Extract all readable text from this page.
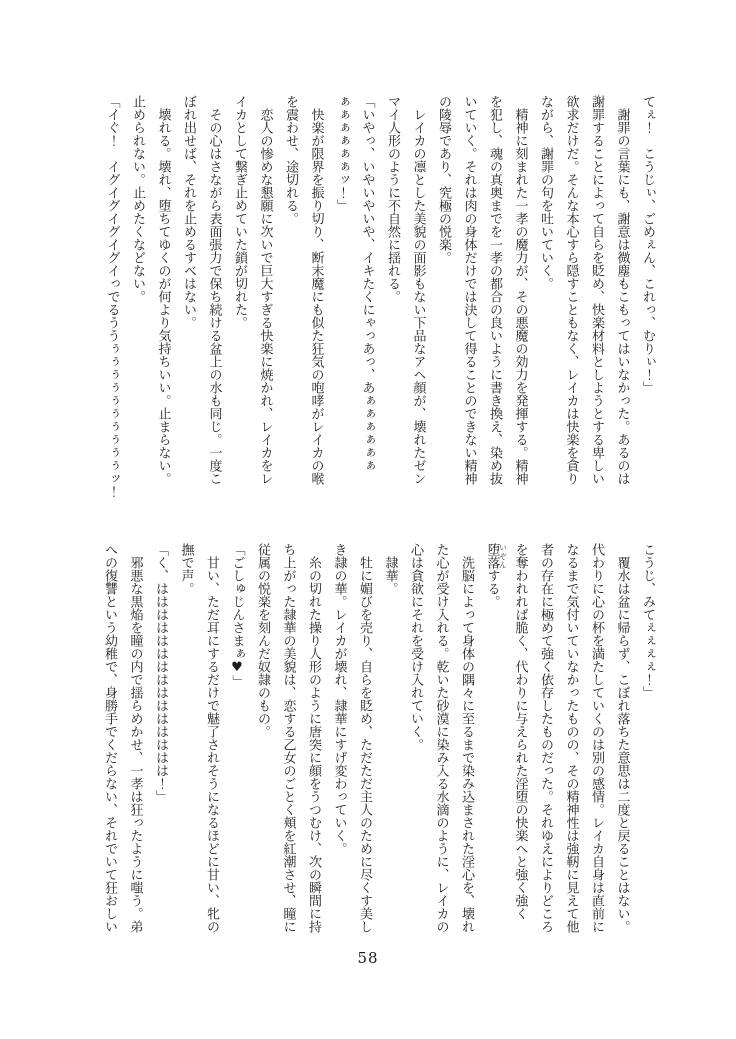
てぇ！　こうじぃ、ごめぇん、これっ、むりぃ！」
　謝罪の言葉にも、謝意は微塵もこもってはいなかった。あるのは
謝罪することによって自らを貶め、快楽材料としようとする卑しい
欲求だけだ。そんな本心すら隠すこともなく、レイカは快楽を貪り
ながら、謝罪の句を吐いていく。
　精神に刻まれた一孝の魔力が、その悪魔の効力を発揮する。精神
を犯し、魂の真奥までを一孝の都合の良いように書き換え、染め抜
いていく。それは肉の身体だけでは決して得ることのできない精神
の陵辱であり、究極の悦楽。
　レイカの凛とした美貌の面影もない下品なアヘ顔が、壊れたゼン
マイ人形のように不自然に揺れる。
「いやっ、いやいやいや、イキたくにゃっあっ、あぁぁぁぁぁぁ
ぁぁぁぁぁぁッ！」
　快楽が限界を振り切り、断末魔にも似た狂気の咆哮がレイカの喉
を震わせ、途切れる。
　恋人の惨めな懇願に次いで巨大すぎる快楽に焼かれ、レイカをレ
イカとして繋ぎ止めていた鎖が切れた。
　その心はさながら表面張力で保ち続ける盆上の水も同じ。一度こ
ぼれ出せば、それを止めるすべはない。
　壊れる。壊れ、堕ちてゆくのが何より気持ちいい。止まらない。
止められない。止めたくなどない。
「イぐ！　イグイグイグイグイっでるううぅぅぅぅぅぅぅぅぅぅッ！
こうじ、みてぇぇぇぇ！」
　覆水は盆に帰らず、こぼれ落ちた意思は二度と戻ることはない。
代わりに心の杯を満たしていくのは別の感情。レイカ自身は直前に
なるまで気付いていなかったものの、その精神性は強靭に見えて他
者の存在に極めて強く依存したものだった。それゆえによりどころ
を奪われれば脆く、代わりに与えられた淫堕の快楽へと強く強く
堕落 いぞんする。
　洗脳によって身体の隅々に至るまで染み込まされた淫心を、壊れ
た心が受け入れる。乾いた砂漠に染み入る水滴のように、レイカの
心は貪欲にそれを受け入れていく。
　隷華。
　牡に媚びを売り、自らを貶め、ただただ主人のために尽くす美し
き隷の華。レイカが壊れ、隷華にすげ変わっていく。
　糸の切れた操り人形のように唐突に顔をうつむけ、次の瞬間に持
ち上がった隷華の美貌は、恋する乙女のごとく頬を紅潮させ、瞳に
従属の悦楽を刻んだ奴隷のもの。
「ごしゅじんさまぁ♥」
　甘い、ただ耳にするだけで魅了されそうになるほどに甘い、牝の
撫で声。
「く、ははははははははははははははは！」
　邪悪な黒焔を瞳の内で揺らめかせ、一孝は狂ったように嗤う。弟
への復讐という幼稚で、身勝手でくだらない、それでいて狂おしい
58
